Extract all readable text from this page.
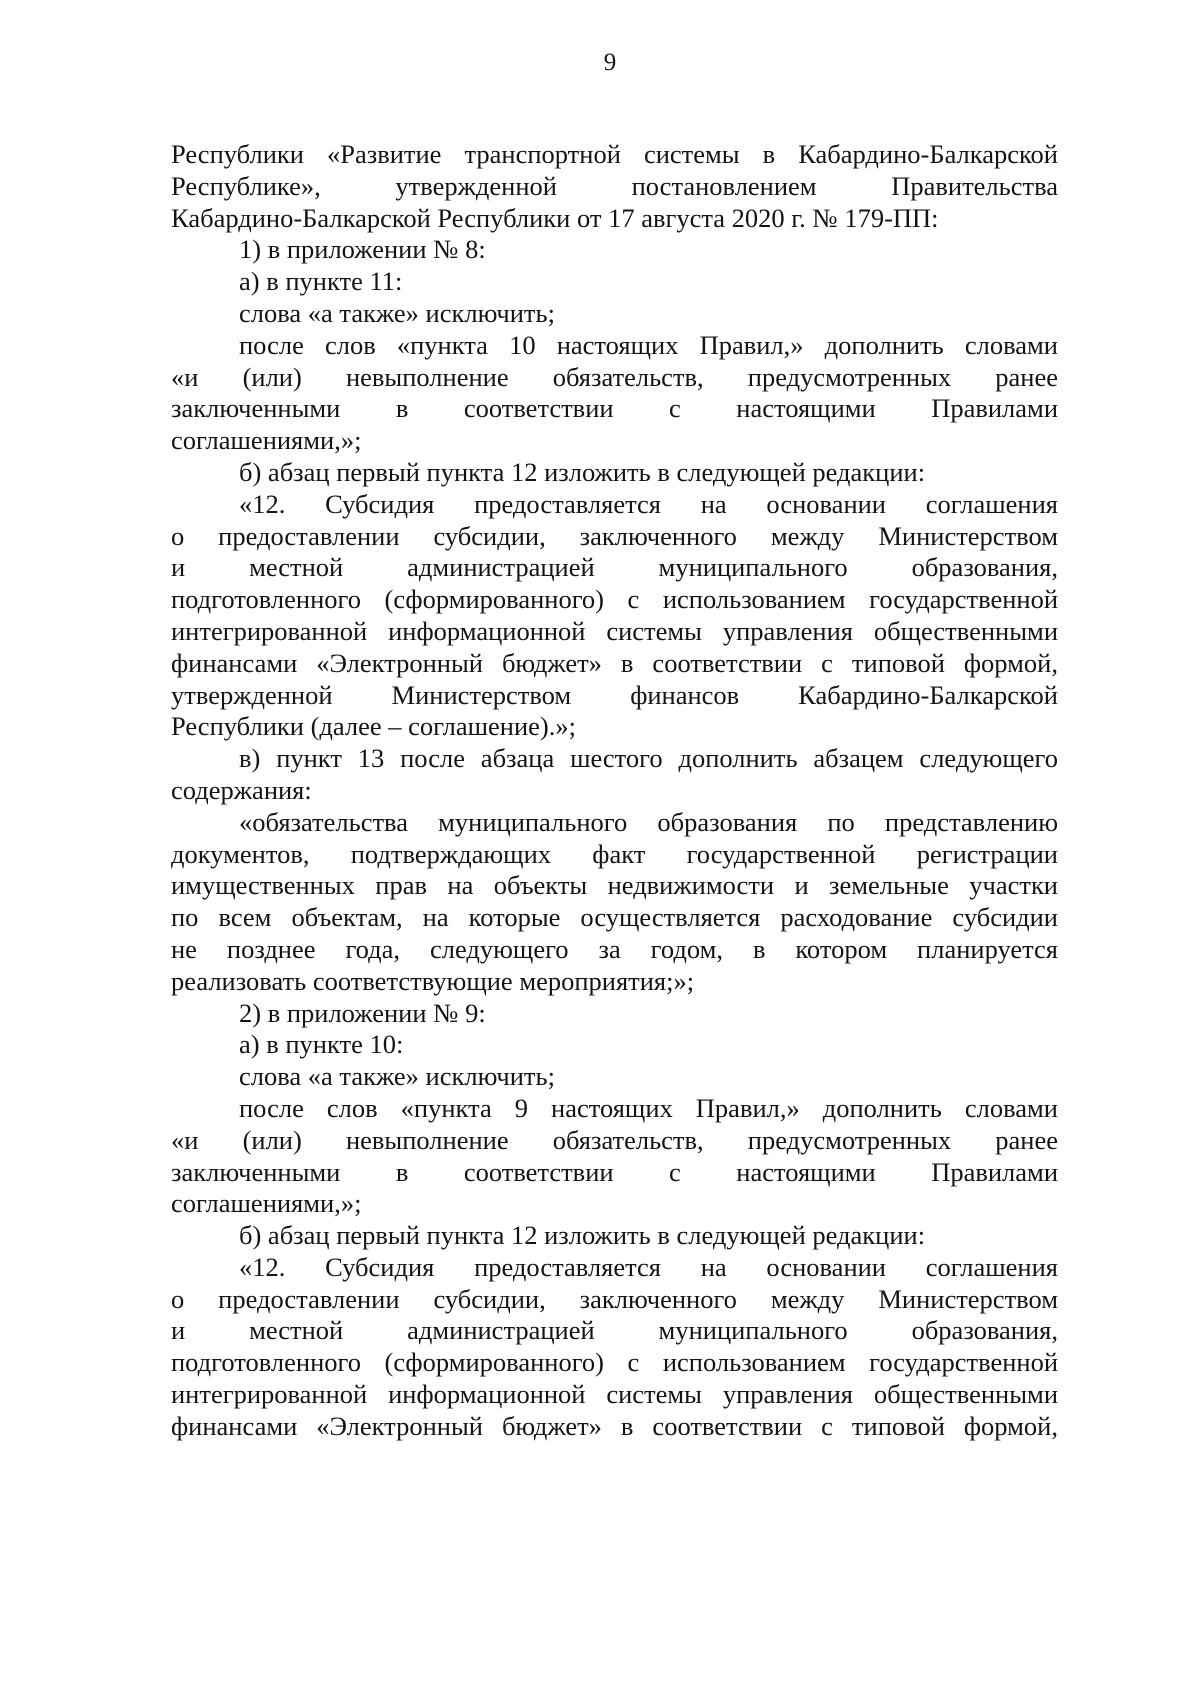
9
Республики «Развитие транспортной системы в Кабардино-Балкарской
Республике», утвержденной постановлением Правительства
Кабардино-Балкарской Республики от 17 августа 2020 г. № 179-ПП:
1) в приложении № 8:
а) в пункте 11:
слова «а также» исключить;
после слов «пункта 10 настоящих Правил,» дополнить словами
«и (или) невыполнение обязательств, предусмотренных ранее
заключенными в соответствии с настоящими Правилами
соглашениями,»;
б) абзац первый пункта 12 изложить в следующей редакции:
«12. Субсидия предоставляется на основании соглашения
о предоставлении субсидии, заключенного между Министерством
и местной администрацией муниципального образования,
подготовленного (сформированного) с использованием государственной
интегрированной информационной системы управления общественными
финансами «Электронный бюджет» в соответствии с типовой формой,
утвержденной Министерством финансов Кабардино-Балкарской
Республики (далее – соглашение).»;
в) пункт 13 после абзаца шестого дополнить абзацем следующего
содержания:
«обязательства муниципального образования по представлению
документов, подтверждающих факт государственной регистрации
имущественных прав на объекты недвижимости и земельные участки
по всем объектам, на которые осуществляется расходование субсидии
не позднее года, следующего за годом, в котором планируется
реализовать соответствующие мероприятия;»;
2) в приложении № 9:
а) в пункте 10:
слова «а также» исключить;
после слов «пункта 9 настоящих Правил,» дополнить словами
«и (или) невыполнение обязательств, предусмотренных ранее
заключенными в соответствии с настоящими Правилами
соглашениями,»;
б) абзац первый пункта 12 изложить в следующей редакции:
«12. Субсидия предоставляется на основании соглашения
о предоставлении субсидии, заключенного между Министерством
и местной администрацией муниципального образования,
подготовленного (сформированного) с использованием государственной
интегрированной информационной системы управления общественными
финансами «Электронный бюджет» в соответствии с типовой формой,
